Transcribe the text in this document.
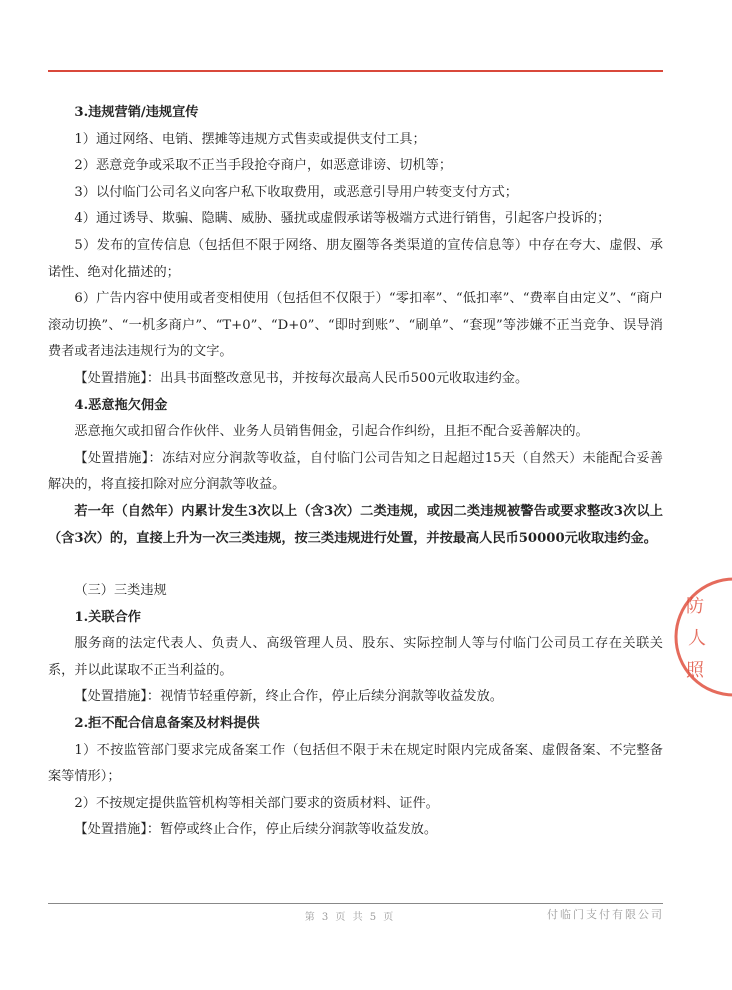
3.违规营销/违规宣传

1）通过网络、电销、摆摊等违规方式售卖或提供支付工具；

2）恶意竞争或采取不正当手段抢夺商户，如恶意诽谤、切机等；

3）以付临门公司名义向客户私下收取费用，或恶意引导用户转变支付方式；

4）通过诱导、欺骗、隐瞒、威胁、骚扰或虚假承诺等极端方式进行销售，引起客户投诉的；

5）发布的宣传信息（包括但不限于网络、朋友圈等各类渠道的宣传信息等）中存在夸大、虚假、承诺性、绝对化描述的；

6）广告内容中使用或者变相使用（包括但不仅限于）“零扣率”、“低扣率”、“费率自由定义”、“商户滚动切换”、“一机多商户”、“T+0”、“D+0”、“即时到账”、“刷单”、“套现”等涉嫌不正当竞争、误导消费者或者违法违规行为的文字。

【处置措施】：出具书面整改意见书，并按每次最高人民币500元收取违约金。

4.恶意拖欠佣金

恶意拖欠或扣留合作伙伴、业务人员销售佣金，引起合作纠纷，且拒不配合妥善解决的。

【处置措施】：冻结对应分润款等收益，自付临门公司告知之日起超过15天（自然天）未能配合妥善解决的，将直接扣除对应分润款等收益。

若一年（自然年）内累计发生3次以上（含3次）二类违规，或因二类违规被警告或要求整改3次以上（含3次）的，直接上升为一次三类违规，按三类违规进行处置，并按最高人民币50000元收取违约金。

（三）三类违规

1.关联合作

服务商的法定代表人、负责人、高级管理人员、股东、实际控制人等与付临门公司员工存在关联关系，并以此谋取不正当利益的。

【处置措施】：视情节轻重停新，终止合作，停止后续分润款等收益发放。

2.拒不配合信息备案及材料提供

1）不按监管部门要求完成备案工作（包括但不限于未在规定时限内完成备案、虚假备案、不完整备案等情形）；

2）不按规定提供监管机构等相关部门要求的资质材料、证件。

【处置措施】：暂停或终止合作，停止后续分润款等收益发放。

防
人
照
第 3 页 共 5 页	付临门支付有限公司
